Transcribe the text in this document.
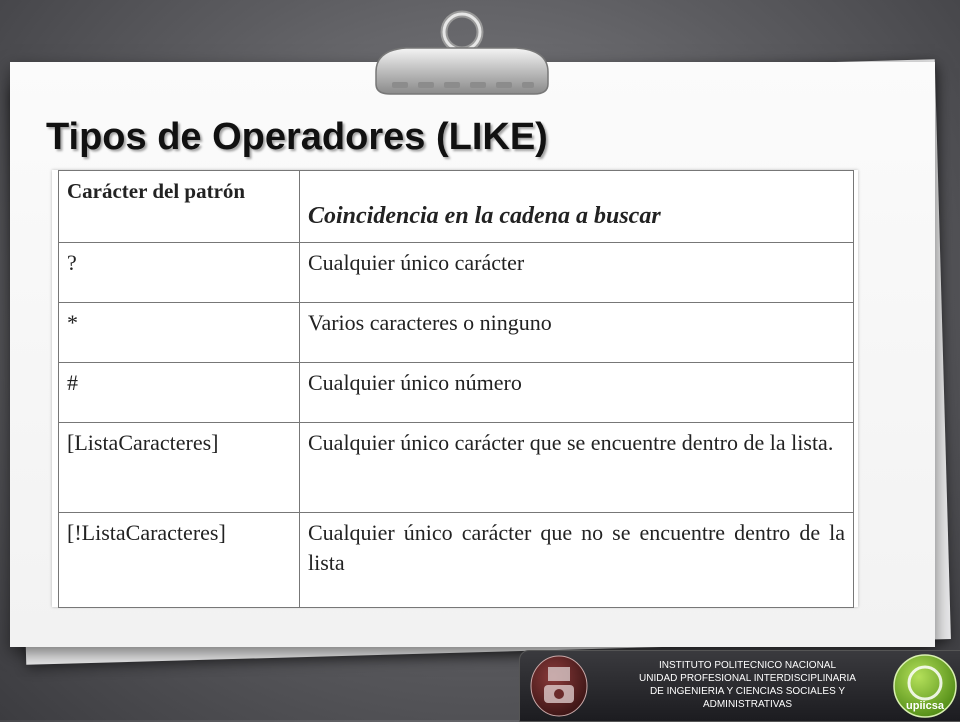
Tipos de Operadores (LIKE)
Carácter del patrón	Coincidencia en la cadena a buscar
?	Cualquier único carácter
*	Varios caracteres o ninguno
#	Cualquier único número
[ListaCaracteres]	Cualquier único carácter que se encuentre dentro de la lista.
[!ListaCaracteres]	Cualquier único carácter que no se encuentre dentro de la lista
INSTITUTO POLITECNICO NACIONAL
UNIDAD PROFESIONAL INTERDISCIPLINARIA
DE INGENIERIA Y CIENCIAS SOCIALES Y
ADMINISTRATIVAS	upiicsa
